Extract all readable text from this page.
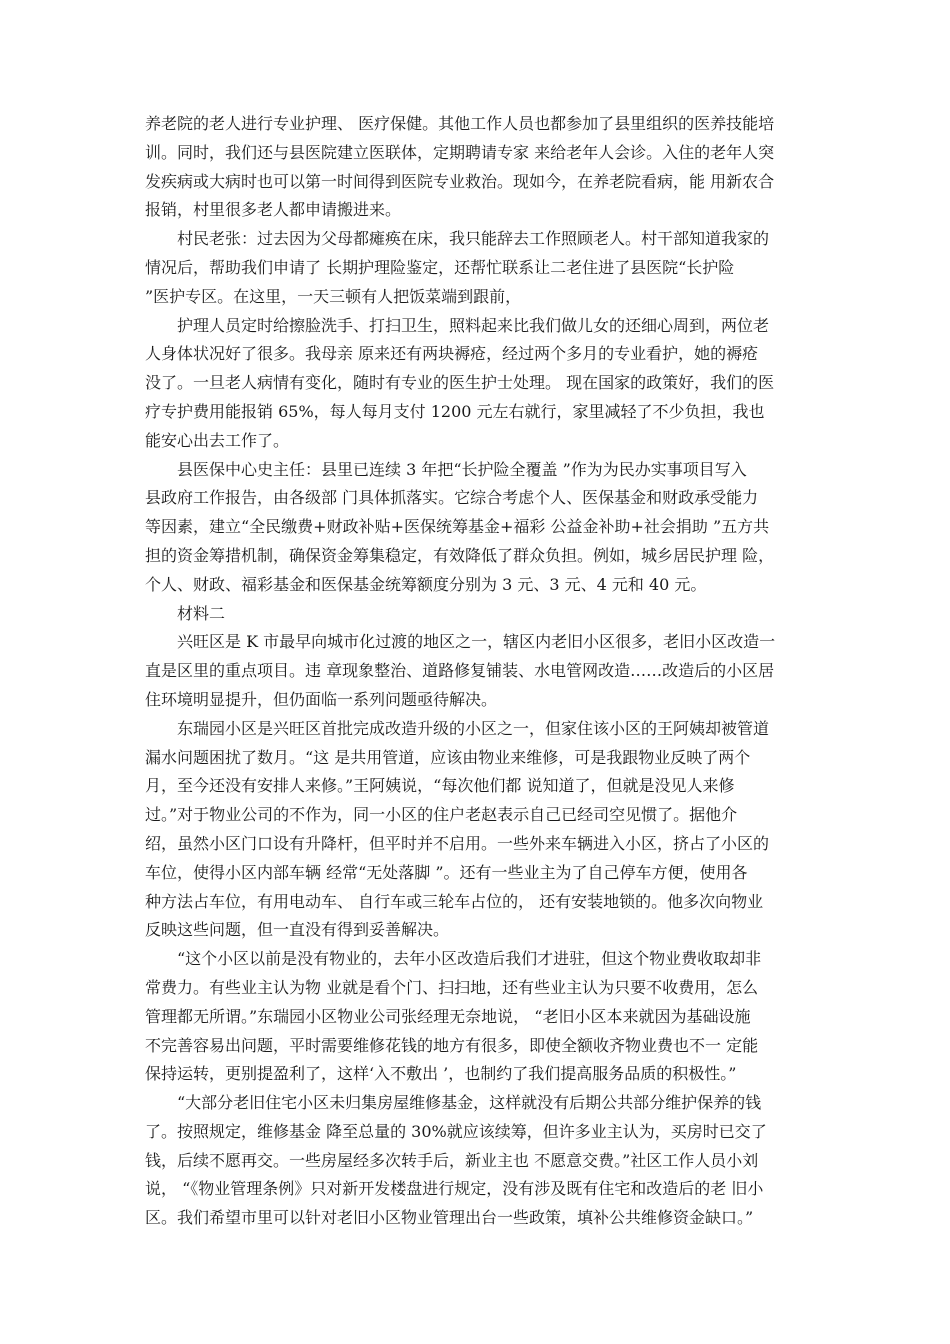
养老院的老人进行专业护理、 医疗保健。其他工作人员也都参加了县里组织的医养技能培
训。同时，我们还与县医院建立医联体，定期聘请专家 来给老年人会诊。入住的老年人突
发疾病或大病时也可以第一时间得到医院专业救治。现如今，在养老院看病，能 用新农合
报销，村里很多老人都申请搬进来。
村民老张：过去因为父母都瘫痪在床，我只能辞去工作照顾老人。村干部知道我家的
情况后，帮助我们申请了 长期护理险鉴定，还帮忙联系让二老住进了县医院“长护险
”医护专区。在这里，一天三顿有人把饭菜端到跟前，
护理人员定时给擦脸洗手、打扫卫生，照料起来比我们做儿女的还细心周到，两位老
人身体状况好了很多。我母亲 原来还有两块褥疮，经过两个多月的专业看护，她的褥疮
没了。一旦老人病情有变化，随时有专业的医生护士处理。 现在国家的政策好，我们的医
疗专护费用能报销 65%，每人每月支付 1200 元左右就行，家里减轻了不少负担，我也
能安心出去工作了。
县医保中心史主任：县里已连续 3 年把“长护险全覆盖 ”作为为民办实事项目写入
县政府工作报告，由各级部 门具体抓落实。它综合考虑个人、医保基金和财政承受能力
等因素，建立“全民缴费+财政补贴+医保统筹基金+福彩 公益金补助+社会捐助 ”五方共
担的资金筹措机制，确保资金筹集稳定，有效降低了群众负担。例如，城乡居民护理 险，
个人、财政、福彩基金和医保基金统筹额度分别为 3 元、3 元、4 元和 40 元。
材料二
兴旺区是 K 市最早向城市化过渡的地区之一，辖区内老旧小区很多，老旧小区改造一
直是区里的重点项目。违 章现象整治、道路修复铺装、水电管网改造……改造后的小区居
住环境明显提升，但仍面临一系列问题亟待解决。
东瑞园小区是兴旺区首批完成改造升级的小区之一，但家住该小区的王阿姨却被管道
漏水问题困扰了数月。“这 是共用管道，应该由物业来维修，可是我跟物业反映了两个
月，至今还没有安排人来修。”王阿姨说，“每次他们都 说知道了，但就是没见人来修
过。”对于物业公司的不作为，同一小区的住户老赵表示自己已经司空见惯了。据他介
绍，虽然小区门口设有升降杆，但平时并不启用。一些外来车辆进入小区，挤占了小区的
车位，使得小区内部车辆 经常“无处落脚 ”。还有一些业主为了自己停车方便，使用各
种方法占车位，有用电动车、 自行车或三轮车占位的， 还有安装地锁的。他多次向物业
反映这些问题，但一直没有得到妥善解决。
“这个小区以前是没有物业的，去年小区改造后我们才进驻，但这个物业费收取却非
常费力。有些业主认为物 业就是看个门、扫扫地，还有些业主认为只要不收费用，怎么
管理都无所谓。”东瑞园小区物业公司张经理无奈地说， “老旧小区本来就因为基础设施
不完善容易出问题，平时需要维修花钱的地方有很多，即使全额收齐物业费也不一 定能
保持运转，更别提盈利了，这样‘入不敷出 ’，也制约了我们提高服务品质的积极性。”
“大部分老旧住宅小区未归集房屋维修基金，这样就没有后期公共部分维护保养的钱
了。按照规定，维修基金 降至总量的 30%就应该续筹，但许多业主认为，买房时已交了
钱，后续不愿再交。一些房屋经多次转手后，新业主也 不愿意交费。”社区工作人员小刘
说， “《物业管理条例》只对新开发楼盘进行规定，没有涉及既有住宅和改造后的老 旧小
区。我们希望市里可以针对老旧小区物业管理出台一些政策，填补公共维修资金缺口。”
